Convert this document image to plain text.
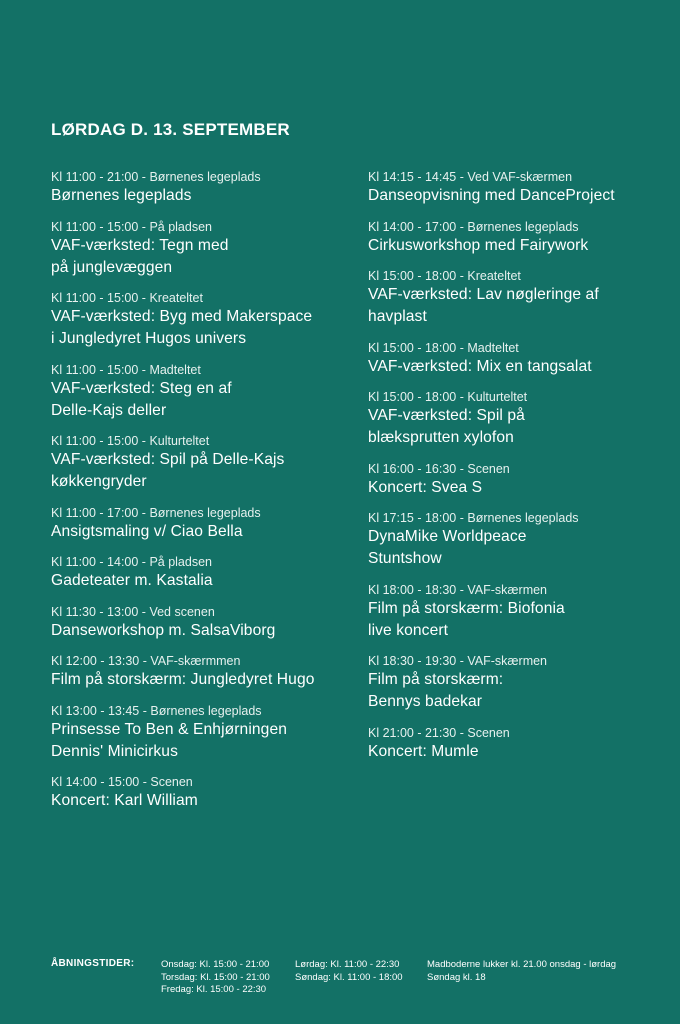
LØRDAG D. 13. SEPTEMBER
Kl 11:00 - 21:00 - Børnenes legeplads
Børnenes legeplads
Kl 11:00 - 15:00 - På pladsen
VAF-værksted: Tegn med
på junglevæggen
Kl 11:00 - 15:00 - Kreateltet
VAF-værksted: Byg med Makerspace
i Jungledyret Hugos univers
Kl 11:00 - 15:00 - Madteltet
VAF-værksted: Steg en af
Delle-Kajs deller
Kl 11:00 - 15:00 - Kulturteltet
VAF-værksted: Spil på Delle-Kajs
køkkengryder
Kl 11:00 - 17:00 - Børnenes legeplads
Ansigtsmaling v/ Ciao Bella
Kl 11:00 - 14:00 - På pladsen
Gadeteater m. Kastalia
Kl 11:30 - 13:00 - Ved scenen
Danseworkshop m. SalsaViborg
Kl 12:00 - 13:30 - VAF-skærmmen
Film på storskærm: Jungledyret Hugo
Kl 13:00 - 13:45 - Børnenes legeplads
Prinsesse To Ben & Enhjørningen
Dennis' Minicirkus
Kl 14:00 - 15:00 - Scenen
Koncert: Karl William
Kl 14:15 - 14:45 - Ved VAF-skærmen
Danseopvisning med DanceProject
Kl 14:00 - 17:00 - Børnenes legeplads
Cirkusworkshop med Fairywork
Kl 15:00 - 18:00 - Kreateltet
VAF-værksted: Lav nøgleringe af
havplast
Kl 15:00 - 18:00 - Madteltet
VAF-værksted: Mix en tangsalat
Kl 15:00 - 18:00 - Kulturteltet
VAF-værksted: Spil på
blæksprutten xylofon
Kl 16:00 - 16:30 - Scenen
Koncert: Svea S
Kl 17:15 - 18:00 - Børnenes legeplads
DynaMike Worldpeace
Stuntshow
Kl 18:00 - 18:30 - VAF-skærmen
Film på storskærm: Biofonia
live koncert
Kl 18:30 - 19:30 - VAF-skærmen
Film på storskærm:
Bennys badekar
Kl 21:00 - 21:30 - Scenen
Koncert: Mumle
ÅBNINGSTIDER:	Onsdag: Kl. 15:00 - 21:00
Torsdag: Kl. 15:00 - 21:00
Fredag: Kl. 15:00 - 22:30
Lørdag: Kl. 11:00 - 22:30
Søndag: Kl. 11:00 - 18:00
Madboderne lukker kl. 21.00 onsdag - lørdag
Søndag kl. 18
